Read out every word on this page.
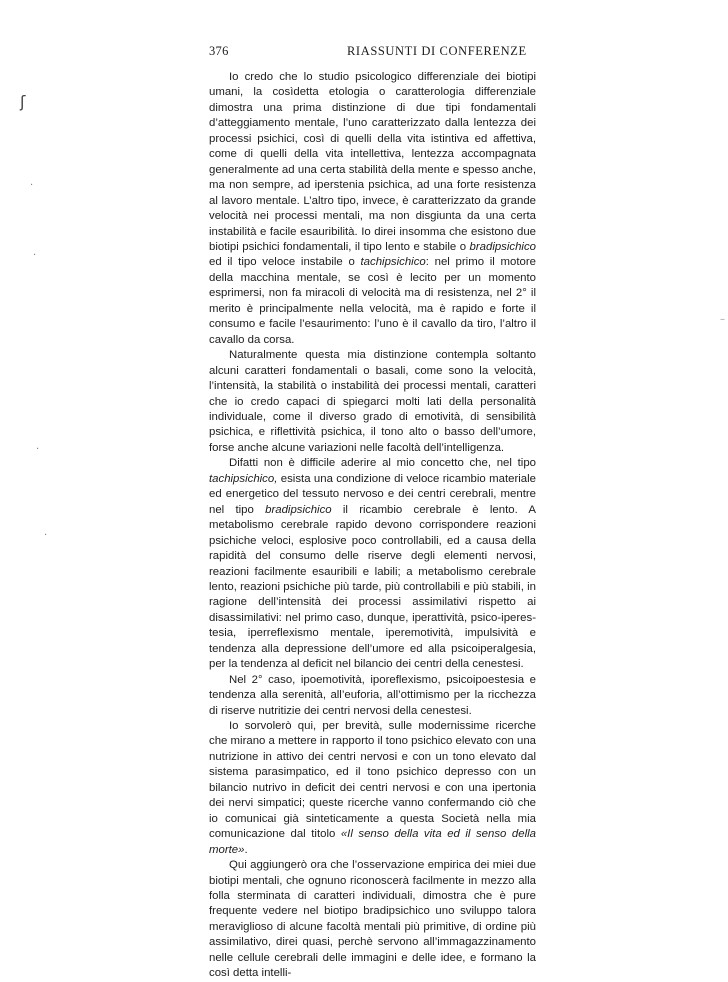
376	RIASSUNTI DI CONFERENZE

Io credo che lo studio psicologico differenziale dei biotipi umani, la cosìdetta etologia o caratterologia differenziale dimostra una prima distinzione di due tipi fondamentali d’atteggiamento mentale, l’uno caratterizzato dalla lentezza dei processi psichici, così di quelli della vita istintiva ed affettiva, come di quelli della vita intellettiva, lentezza accompagnata generalmente ad una certa stabilità della mente e spesso anche, ma non sempre, ad iperstenia psichica, ad una forte resistenza al lavoro mentale. L’altro tipo, invece, è caratterizzato da grande velocità nei processi mentali, ma non disgiunta da una certa instabilità e facile esauribilità. Io direi insomma che esistono due biotipi psichici fondamentali, il tipo lento e stabile o bradipsichico ed il tipo veloce instabile o tachipsichico: nel primo il motore della macchina mentale, se così è lecito per un momento esprimersi, non fa miracoli di velocità ma di resistenza, nel 2° il merito è principalmente nella velocità, ma è rapido e forte il consumo e facile l’esaurimento: l’uno è il cavallo da tiro, l’altro il cavallo da corsa.

Naturalmente questa mia distinzione contempla soltanto alcuni caratteri fondamentali o basali, come sono la velocità, l’intensità, la stabilità o instabilità dei processi mentali, caratteri che io credo capaci di spiegarci molti lati della personalità individuale, come il diverso grado di emotività, di sensibilità psichica, e riflettività psichica, il tono alto o basso dell’umore, forse anche alcune variazioni nelle facoltà dell’intelligenza.

Difatti non è difficile aderire al mio concetto che, nel tipo tachipsichico, esista una condizione di veloce ricambio materiale ed energetico del tessuto nervoso e dei centri cerebrali, mentre nel tipo bradipsichico il ricambio cerebrale è lento. A metabolismo cerebrale rapido devono corrispondere reazioni psichiche veloci, esplosive poco controllabili, ed a causa della rapidità del consumo delle riserve degli elementi nervosi, reazioni facilmente esauribili e labili; a metabolismo cerebrale lento, reazioni psichiche più tarde, più controllabili e più stabili, in ragione dell’intensità dei processi assimilativi rispetto ai disassimilativi: nel primo caso, dunque, iperattività, psico-iperestesia, iperreflexismo mentale, iperemotività, impulsività e tendenza alla depressione dell’umore ed alla psicoiperalgesia, per la tendenza al deficit nel bilancio dei centri della cenestesi.

Nel 2° caso, ipoemotività, iporeflexismo, psicoipoestesia e tendenza alla serenità, all’euforia, all’ottimismo per la ricchezza di riserve nutritizie dei centri nervosi della cenestesi.

Io sorvolerò qui, per brevità, sulle modernissime ricerche che mirano a mettere in rapporto il tono psichico elevato con una nutrizione in attivo dei centri nervosi e con un tono elevato dal sistema parasimpatico, ed il tono psichico depresso con un bilancio nutrivo in deficit dei centri nervosi e con una ipertonia dei nervi simpatici; queste ricerche vanno confermando ciò che io comunicai già sinteticamente a questa Società nella mia comunicazione dal titolo «Il senso della vita ed il senso della morte».

Qui aggiungerò ora che l’osservazione empirica dei miei due biotipi mentali, che ognuno riconoscerà facilmente in mezzo alla folla sterminata di caratteri individuali, dimostra che è pure frequente vedere nel biotipo bradipsichico uno sviluppo talora meraviglioso di alcune facoltà mentali più primitive, di ordine più assimilativo, direi quasi, perchè servono all’immagazzinamento nelle cellule cerebrali delle immagini e delle idee, e formano la così detta intelli-

ʃ
·
·
–
·
·
